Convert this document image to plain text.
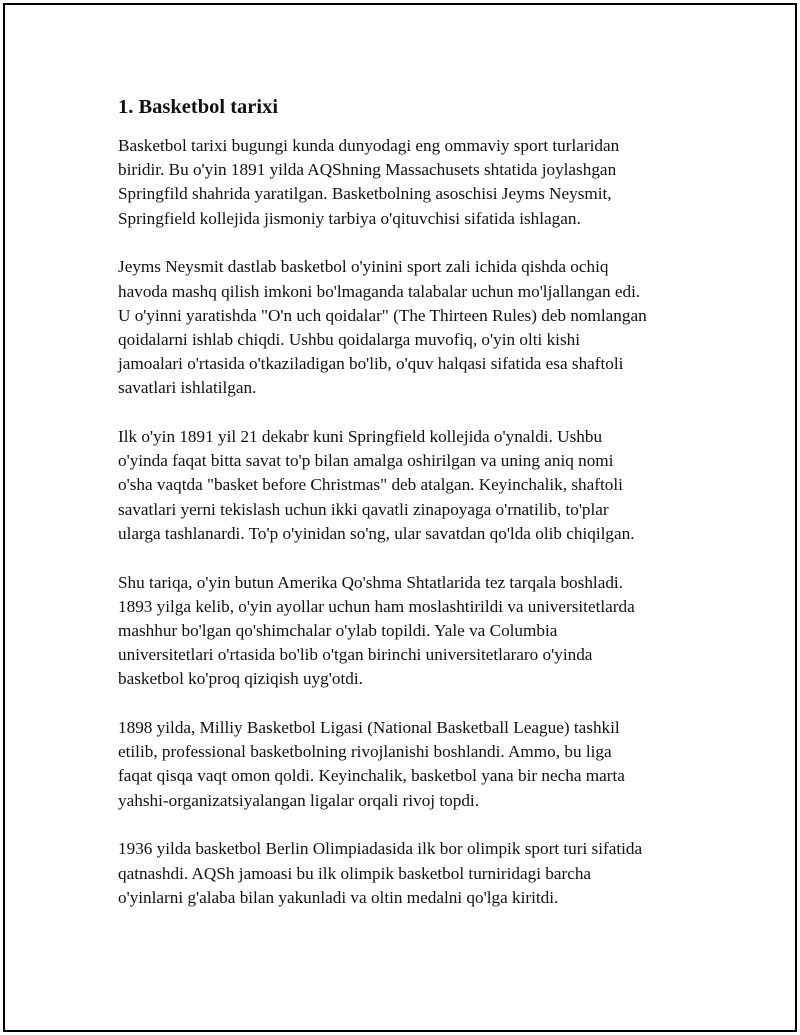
1. Basketbol tarixi

Basketbol tarixi bugungi kunda dunyodagi eng ommaviy sport turlaridan
biridir. Bu o'yin 1891 yilda AQShning Massachusets shtatida joylashgan
Springfild shahrida yaratilgan. Basketbolning asoschisi Jeyms Neysmit,
Springfield kollejida jismoniy tarbiya o'qituvchisi sifatida ishlagan.

Jeyms Neysmit dastlab basketbol o'yinini sport zali ichida qishda ochiq
havoda mashq qilish imkoni bo'lmaganda talabalar uchun mo'ljallangan edi.
U o'yinni yaratishda "O'n uch qoidalar" (The Thirteen Rules) deb nomlangan
qoidalarni ishlab chiqdi. Ushbu qoidalarga muvofiq, o'yin olti kishi
jamoalari o'rtasida o'tkaziladigan bo'lib, o'quv halqasi sifatida esa shaftoli
savatlari ishlatilgan.

Ilk o'yin 1891 yil 21 dekabr kuni Springfield kollejida o'ynaldi. Ushbu
o'yinda faqat bitta savat to'p bilan amalga oshirilgan va uning aniq nomi
o'sha vaqtda "basket before Christmas" deb atalgan. Keyinchalik, shaftoli
savatlari yerni tekislash uchun ikki qavatli zinapoyaga o'rnatilib, to'plar
ularga tashlanardi. To'p o'yinidan so'ng, ular savatdan qo'lda olib chiqilgan.

Shu tariqa, o'yin butun Amerika Qo'shma Shtatlarida tez tarqala boshladi.
1893 yilga kelib, o'yin ayollar uchun ham moslashtirildi va universitetlarda
mashhur bo'lgan qo'shimchalar o'ylab topildi. Yale va Columbia
universitetlari o'rtasida bo'lib o'tgan birinchi universitetlararo o'yinda
basketbol ko'proq qiziqish uyg'otdi.

1898 yilda, Milliy Basketbol Ligasi (National Basketball League) tashkil
etilib, professional basketbolning rivojlanishi boshlandi. Ammo, bu liga
faqat qisqa vaqt omon qoldi. Keyinchalik, basketbol yana bir necha marta
yahshi-organizatsiyalangan ligalar orqali rivoj topdi.

1936 yilda basketbol Berlin Olimpiadasida ilk bor olimpik sport turi sifatida
qatnashdi. AQSh jamoasi bu ilk olimpik basketbol turniridagi barcha
o'yinlarni g'alaba bilan yakunladi va oltin medalni qo'lga kiritdi.
